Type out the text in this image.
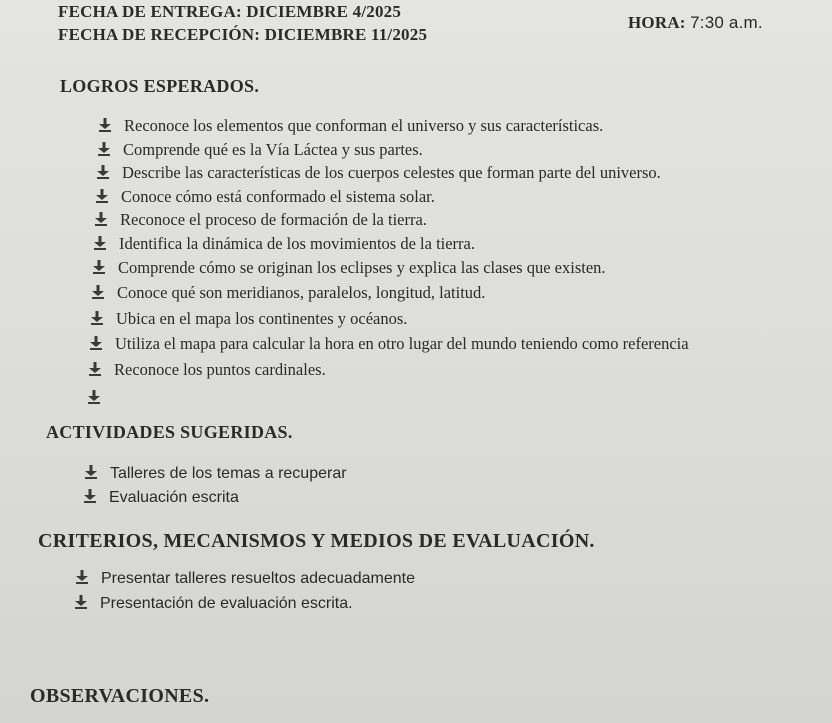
FECHA DE ENTREGA: DICIEMBRE 4/2025
FECHA DE RECEPCIÓN: DICIEMBRE 11/2025
HORA: 7:30 a.m.
LOGROS ESPERADOS.
Reconoce los elementos que conforman el universo y sus características.
Comprende qué es la Vía Láctea y sus partes.
Describe las características de los cuerpos celestes que forman parte del universo.
Conoce cómo está conformado el sistema solar.
Reconoce el proceso de formación de la tierra.
Identifica la dinámica de los movimientos de la tierra.
Comprende cómo se originan los eclipses y explica las clases que existen.
Conoce qué son meridianos, paralelos, longitud, latitud.
Ubica en el mapa los continentes y océanos.
Utiliza el mapa para calcular la hora en otro lugar del mundo teniendo como referencia
Reconoce los puntos cardinales.
ACTIVIDADES SUGERIDAS.
Talleres de los temas a recuperar
Evaluación escrita
CRITERIOS, MECANISMOS Y MEDIOS DE EVALUACIÓN.
Presentar talleres resueltos adecuadamente
Presentación de evaluación escrita.
OBSERVACIONES.
